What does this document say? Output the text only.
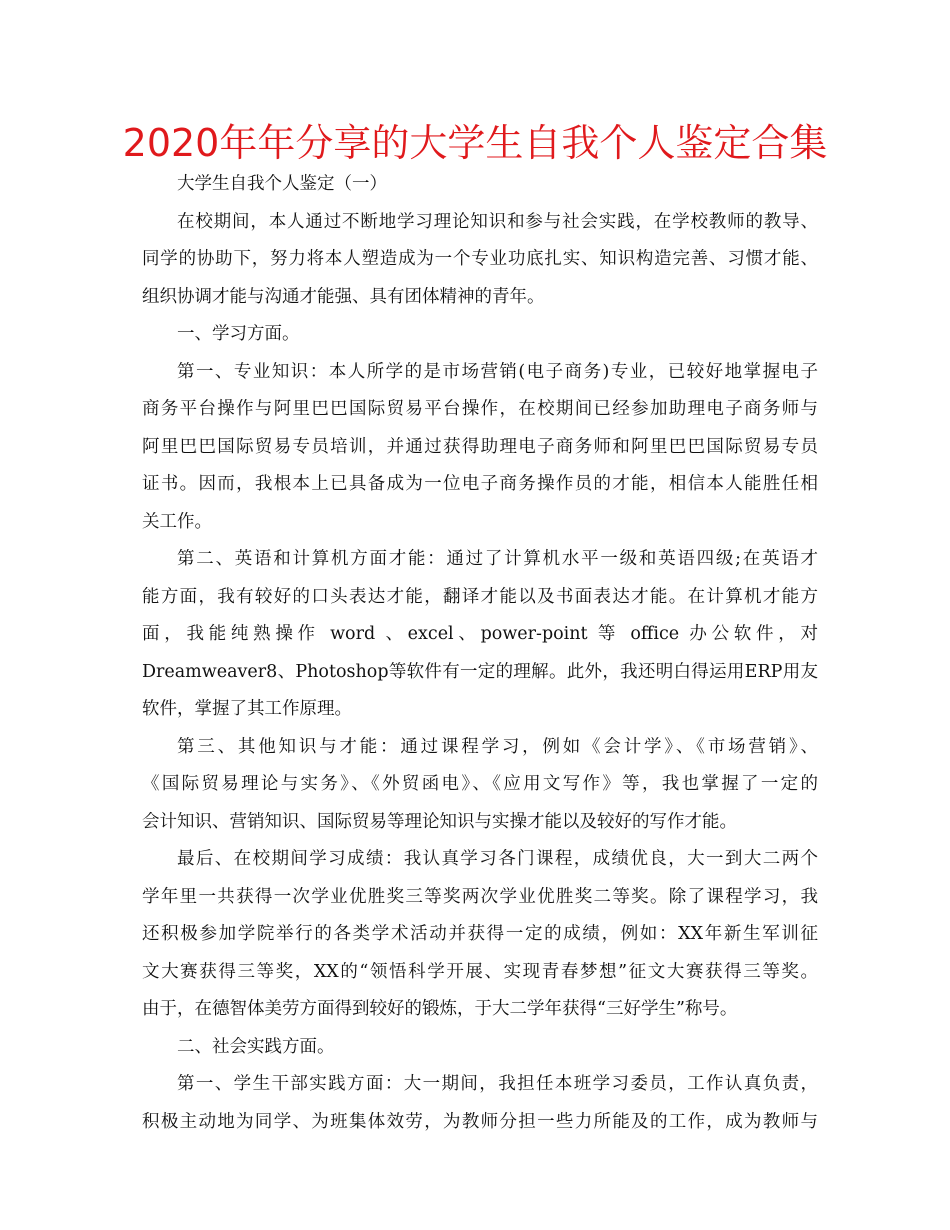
2020年年分享的大学生自我个人鉴定合集
大学生自我个人鉴定（一）
在校期间，本人通过不断地学习理论知识和参与社会实践，在学校教师的教导、
同学的协助下，努力将本人塑造成为一个专业功底扎实、知识构造完善、习惯才能、
组织协调才能与沟通才能强、具有团体精神的青年。
一、学习方面。
第一、专业知识：本人所学的是市场营销(电子商务)专业，已较好地掌握电子
商务平台操作与阿里巴巴国际贸易平台操作，在校期间已经参加助理电子商务师与
阿里巴巴国际贸易专员培训，并通过获得助理电子商务师和阿里巴巴国际贸易专员
证书。因而，我根本上已具备成为一位电子商务操作员的才能，相信本人能胜任相
关工作。
第二、英语和计算机方面才能：通过了计算机水平一级和英语四级;在英语才
能方面，我有较好的口头表达才能，翻译才能以及书面表达才能。在计算机才能方
面，我能纯熟操作 word 、excel、power-point 等 office 办公软件，对
Dreamweaver8、Photoshop等软件有一定的理解。此外，我还明白得运用ERP用友
软件，掌握了其工作原理。
第三、其他知识与才能：通过课程学习，例如《会计学》、《市场营销》、
《国际贸易理论与实务》、《外贸函电》、《应用文写作》等，我也掌握了一定的
会计知识、营销知识、国际贸易等理论知识与实操才能以及较好的写作才能。
最后、在校期间学习成绩：我认真学习各门课程，成绩优良，大一到大二两个
学年里一共获得一次学业优胜奖三等奖两次学业优胜奖二等奖。除了课程学习，我
还积极参加学院举行的各类学术活动并获得一定的成绩，例如：XX年新生军训征
文大赛获得三等奖，XX的“领悟科学开展、实现青春梦想”征文大赛获得三等奖。
由于，在德智体美劳方面得到较好的锻炼，于大二学年获得“三好学生”称号。
二、社会实践方面。
第一、学生干部实践方面：大一期间，我担任本班学习委员，工作认真负责，
积极主动地为同学、为班集体效劳，为教师分担一些力所能及的工作，成为教师与
